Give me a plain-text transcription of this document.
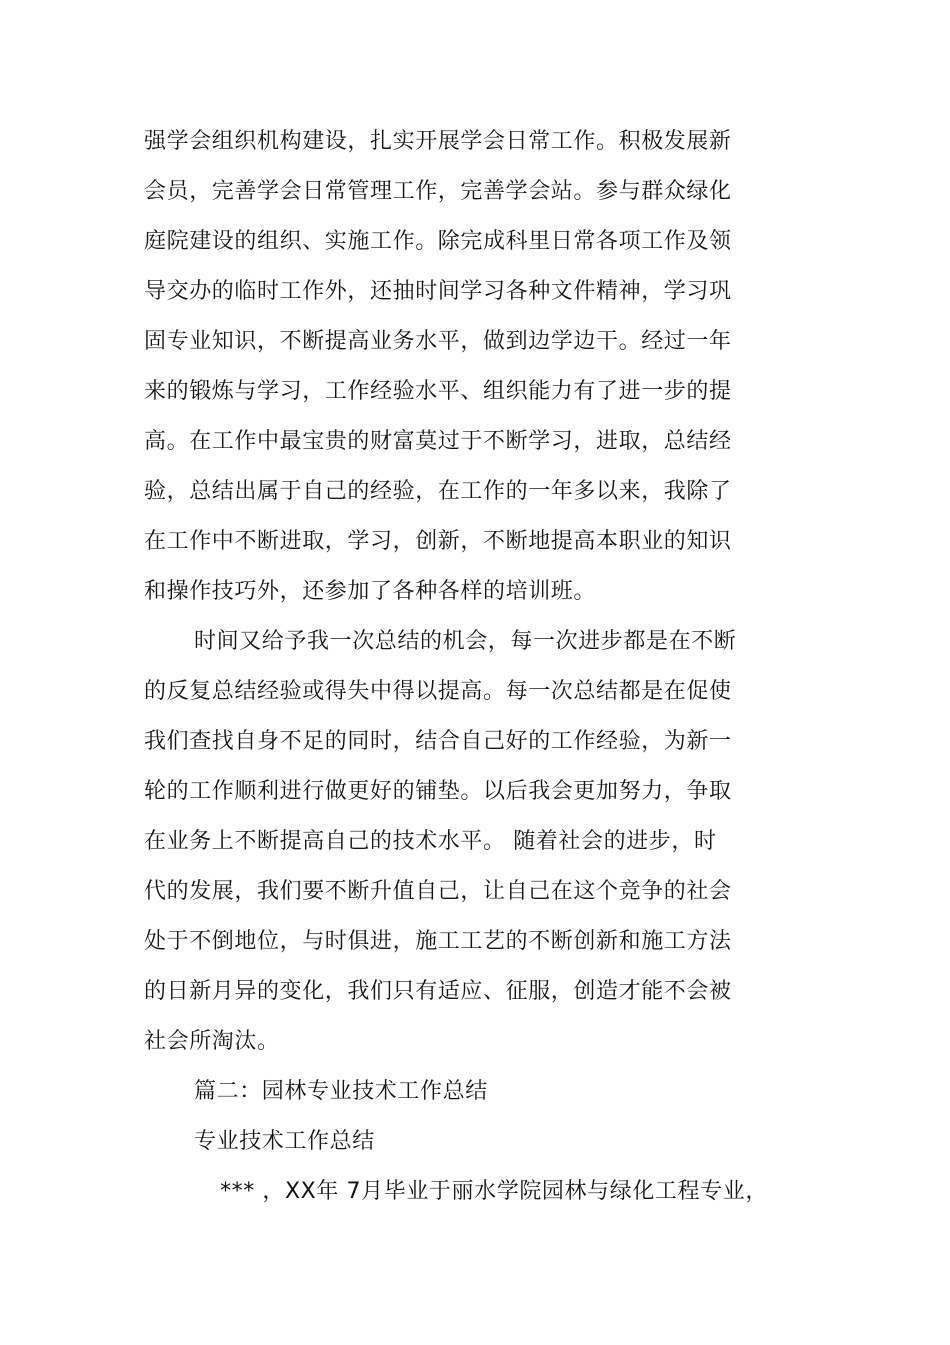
强学会组织机构建设，扎实开展学会日常工作。积极发展新
会员，完善学会日常管理工作，完善学会站。参与群众绿化
庭院建设的组织、实施工作。除完成科里日常各项工作及领
导交办的临时工作外，还抽时间学习各种文件精神，学习巩
固专业知识，不断提高业务水平，做到边学边干。经过一年
来的锻炼与学习，工作经验水平、组织能力有了进一步的提
高。在工作中最宝贵的财富莫过于不断学习，进取，总结经
验，总结出属于自己的经验，在工作的一年多以来，我除了
在工作中不断进取，学习，创新，不断地提高本职业的知识
和操作技巧外，还参加了各种各样的培训班。
时间又给予我一次总结的机会，每一次进步都是在不断
的反复总结经验或得失中得以提高。每一次总结都是在促使
我们查找自身不足的同时，结合自己好的工作经验，为新一
轮的工作顺利进行做更好的铺垫。以后我会更加努力，争取
在业务上不断提高自己的技术水平。 随着社会的进步，时
代的发展，我们要不断升值自己，让自己在这个竞争的社会
处于不倒地位，与时俱进，施工工艺的不断创新和施工方法
的日新月异的变化，我们只有适应、征服，创造才能不会被
社会所淘汰。
篇二：园林专业技术工作总结
专业技术工作总结
*** ，XX年 7月毕业于丽水学院园林与绿化工程专业，
